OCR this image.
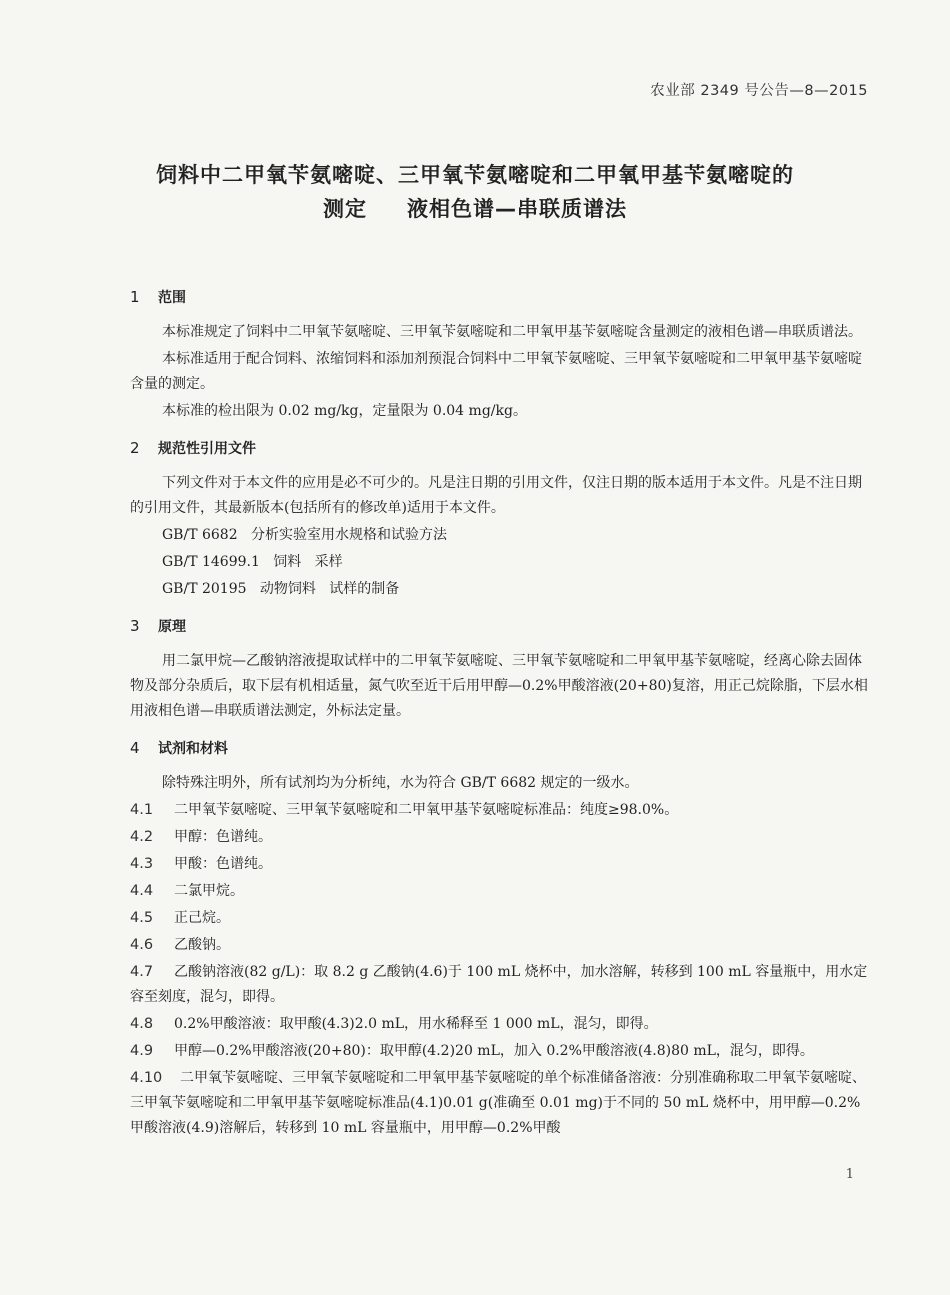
农业部 2349 号公告—8—2015
饲料中二甲氧苄氨嘧啶、三甲氧苄氨嘧啶和二甲氧甲基苄氨嘧啶的
测定 液相色谱—串联质谱法
1 范围

本标准规定了饲料中二甲氧苄氨嘧啶、三甲氧苄氨嘧啶和二甲氧甲基苄氨嘧啶含量测定的液相色谱—串联质谱法。

本标准适用于配合饲料、浓缩饲料和添加剂预混合饲料中二甲氧苄氨嘧啶、三甲氧苄氨嘧啶和二甲氧甲基苄氨嘧啶含量的测定。

本标准的检出限为 0.02 mg/kg，定量限为 0.04 mg/kg。

2 规范性引用文件

下列文件对于本文件的应用是必不可少的。凡是注日期的引用文件，仅注日期的版本适用于本文件。凡是不注日期的引用文件，其最新版本(包括所有的修改单)适用于本文件。

GB/T 6682   分析实验室用水规格和试验方法

GB/T 14699.1   饲料   采样

GB/T 20195   动物饲料   试样的制备

3 原理

用二氯甲烷—乙酸钠溶液提取试样中的二甲氧苄氨嘧啶、三甲氧苄氨嘧啶和二甲氧甲基苄氨嘧啶，经离心除去固体物及部分杂质后，取下层有机相适量，氮气吹至近干后用甲醇—0.2%甲酸溶液(20+80)复溶，用正己烷除脂，下层水相用液相色谱—串联质谱法测定，外标法定量。

4 试剂和材料

除特殊注明外，所有试剂均为分析纯，水为符合 GB/T 6682 规定的一级水。

4.1 二甲氧苄氨嘧啶、三甲氧苄氨嘧啶和二甲氧甲基苄氨嘧啶标准品：纯度≥98.0%。

4.2 甲醇：色谱纯。

4.3 甲酸：色谱纯。

4.4 二氯甲烷。

4.5 正己烷。

4.6 乙酸钠。

4.7 乙酸钠溶液(82 g/L)：取 8.2 g 乙酸钠(4.6)于 100 mL 烧杯中，加水溶解，转移到 100 mL 容量瓶中，用水定容至刻度，混匀，即得。

4.8 0.2%甲酸溶液：取甲酸(4.3)2.0 mL，用水稀释至 1 000 mL，混匀，即得。

4.9 甲醇—0.2%甲酸溶液(20+80)：取甲醇(4.2)20 mL，加入 0.2%甲酸溶液(4.8)80 mL，混匀，即得。

4.10 二甲氧苄氨嘧啶、三甲氧苄氨嘧啶和二甲氧甲基苄氨嘧啶的单个标准储备溶液：分别准确称取二甲氧苄氨嘧啶、三甲氧苄氨嘧啶和二甲氧甲基苄氨嘧啶标准品(4.1)0.01 g(准确至 0.01 mg)于不同的 50 mL 烧杯中，用甲醇—0.2%甲酸溶液(4.9)溶解后，转移到 10 mL 容量瓶中，用甲醇—0.2%甲酸

1
